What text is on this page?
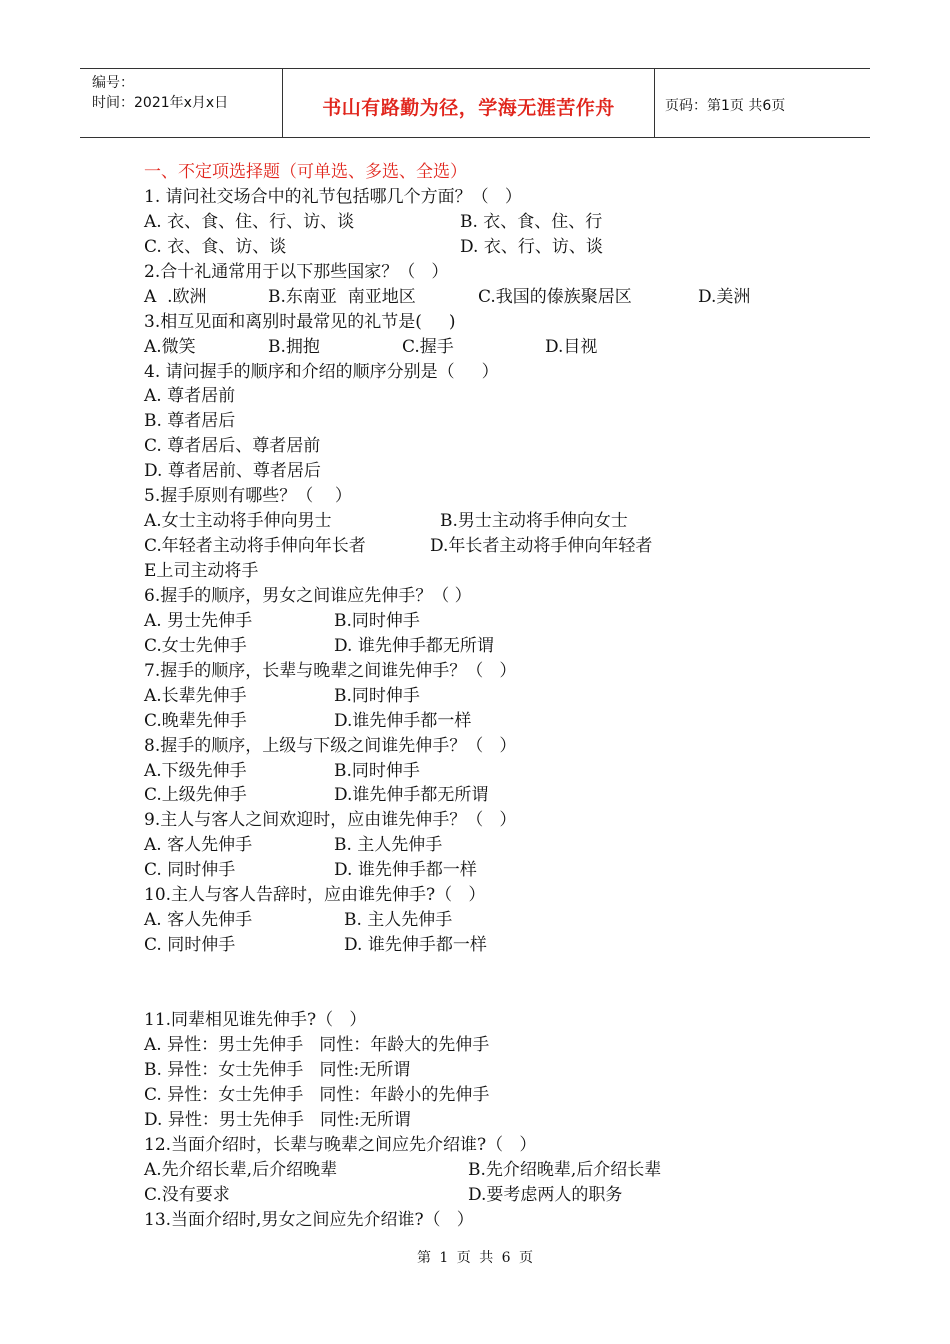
编号：
时间：2021年x月x日	书山有路勤为径，学海无涯苦作舟	页码：第1页 共6页
一、不定项选择题（可单选、多选、全选）
1. 请问社交场合中的礼节包括哪几个方面？（   ）
A. 衣、食、住、行、访、谈	B. 衣、食、住、行
C. 衣、食、访、谈	D. 衣、行、访、谈
2.合十礼通常用于以下那些国家？（   ）
A  .欧洲	B.东南亚  南亚地区	C.我国的傣族聚居区	D.美洲
3.相互见面和离别时最常见的礼节是(     )
A.微笑	B.拥抱	C.握手	D.目视
4. 请问握手的顺序和介绍的顺序分别是（     ）
A. 尊者居前
B. 尊者居后
C. 尊者居后、尊者居前
D. 尊者居前、尊者居后
5.握手原则有哪些？（    ）
A.女士主动将手伸向男士	B.男士主动将手伸向女士
C.年轻者主动将手伸向年长者	D.年长者主动将手伸向年轻者
E上司主动将手
6.握手的顺序，男女之间谁应先伸手？（ ）
A. 男士先伸手	B.同时伸手
C.女士先伸手	D. 谁先伸手都无所谓
7.握手的顺序，长辈与晚辈之间谁先伸手？（   ）
A.长辈先伸手	B.同时伸手
C.晚辈先伸手	D.谁先伸手都一样
8.握手的顺序，上级与下级之间谁先伸手？（   ）
A.下级先伸手	B.同时伸手
C.上级先伸手	D.谁先伸手都无所谓
9.主人与客人之间欢迎时，应由谁先伸手？（   ）
A. 客人先伸手	B. 主人先伸手
C. 同时伸手	D. 谁先伸手都一样
10.主人与客人告辞时，应由谁先伸手?（   ）
A. 客人先伸手	B. 主人先伸手
C. 同时伸手	D. 谁先伸手都一样
11.同辈相见谁先伸手?（   ）
A. 异性：男士先伸手   同性：年龄大的先伸手
B. 异性：女士先伸手   同性:无所谓
C. 异性：女士先伸手   同性：年龄小的先伸手
D. 异性：男士先伸手   同性:无所谓
12.当面介绍时，长辈与晚辈之间应先介绍谁?（   ）
A.先介绍长辈,后介绍晚辈	B.先介绍晚辈,后介绍长辈
C.没有要求	D.要考虑两人的职务
13.当面介绍时,男女之间应先介绍谁?（   ）
第 1 页 共 6 页
